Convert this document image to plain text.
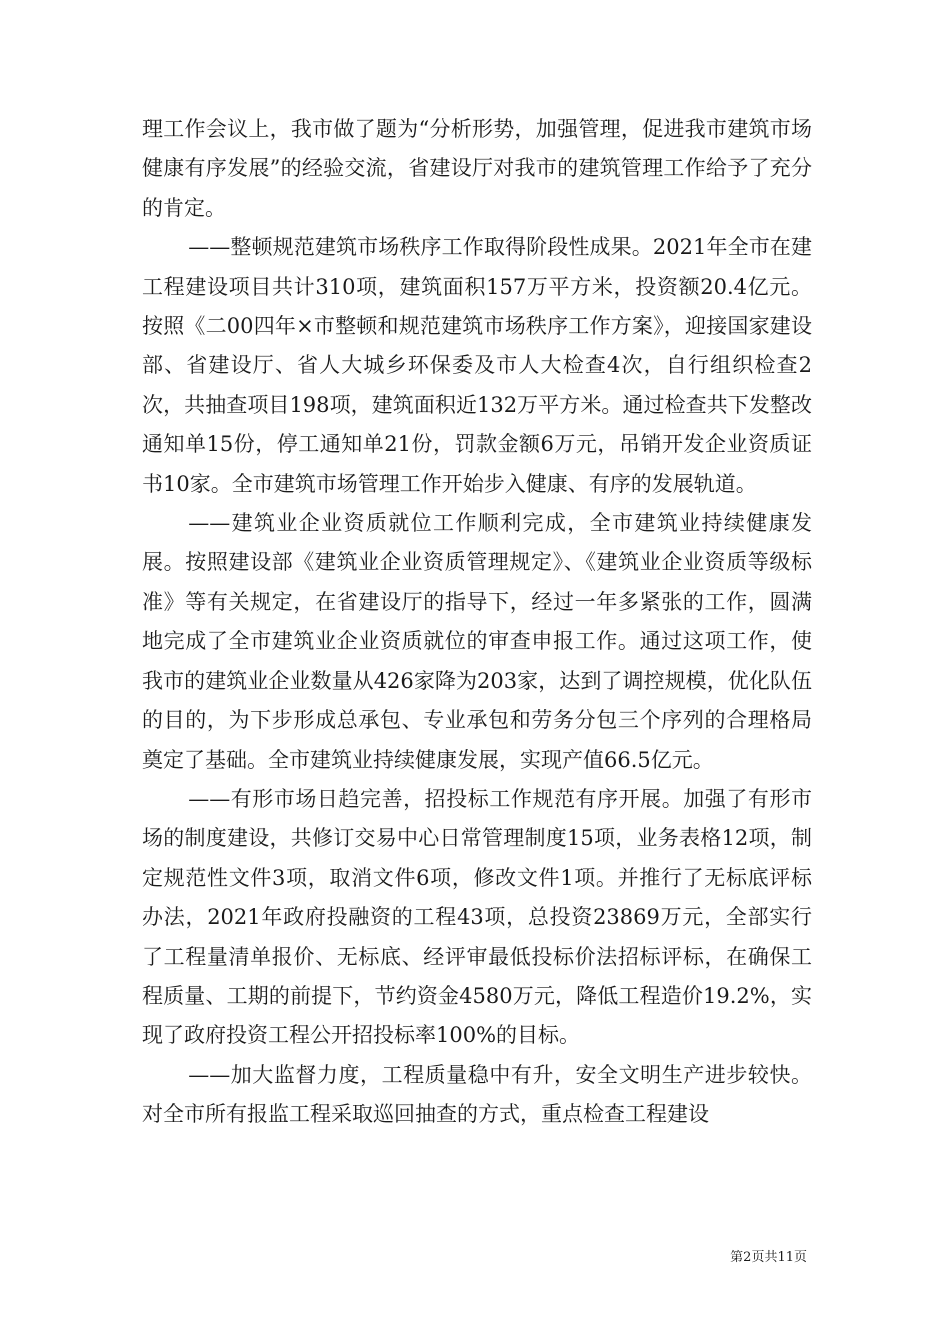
理工作会议上，我市做了题为“分析形势，加强管理，促进我市建筑市场健康有序发展”的经验交流，省建设厅对我市的建筑管理工作给予了充分的肯定。

——整顿规范建筑市场秩序工作取得阶段性成果。2021年全市在建工程建设项目共计310项，建筑面积157万平方米，投资额20.4亿元。按照《二00四年×市整顿和规范建筑市场秩序工作方案》，迎接国家建设部、省建设厅、省人大城乡环保委及市人大检查4次，自行组织检查2次，共抽查项目198项，建筑面积近132万平方米。通过检查共下发整改通知单15份，停工通知单21份，罚款金额6万元，吊销开发企业资质证书10家。全市建筑市场管理工作开始步入健康、有序的发展轨道。

——建筑业企业资质就位工作顺利完成，全市建筑业持续健康发展。按照建设部《建筑业企业资质管理规定》、《建筑业企业资质等级标准》等有关规定，在省建设厅的指导下，经过一年多紧张的工作，圆满地完成了全市建筑业企业资质就位的审查申报工作。通过这项工作，使我市的建筑业企业数量从426家降为203家，达到了调控规模，优化队伍的目的，为下步形成总承包、专业承包和劳务分包三个序列的合理格局奠定了基础。全市建筑业持续健康发展，实现产值66.5亿元。

——有形市场日趋完善，招投标工作规范有序开展。加强了有形市场的制度建设，共修订交易中心日常管理制度15项，业务表格12项，制定规范性文件3项，取消文件6项，修改文件1项。并推行了无标底评标办法，2021年政府投融资的工程43项，总投资23869万元，全部实行了工程量清单报价、无标底、经评审最低投标价法招标评标，在确保工程质量、工期的前提下，节约资金4580万元，降低工程造价19.2%，实现了政府投资工程公开招投标率100%的目标。

——加大监督力度，工程质量稳中有升，安全文明生产进步较快。对全市所有报监工程采取巡回抽查的方式，重点检查工程建设

第2页共11页
